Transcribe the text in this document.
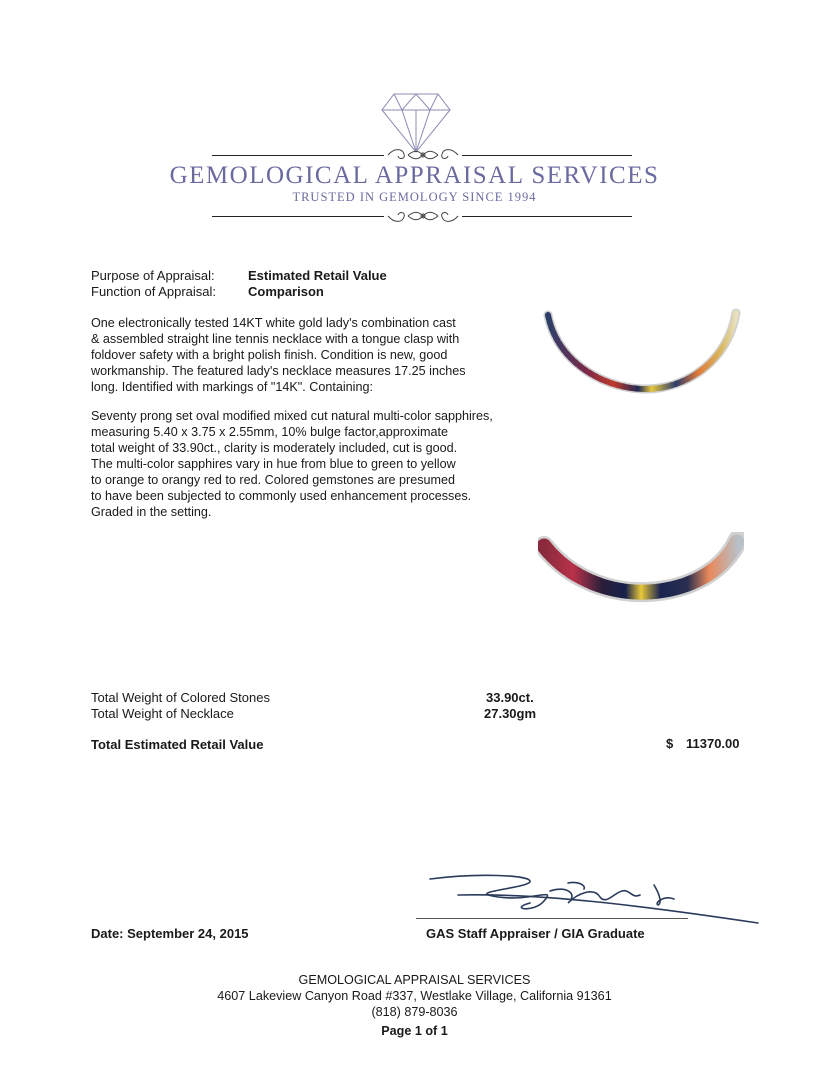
GEMOLOGICAL APPRAISAL SERVICES
TRUSTED IN GEMOLOGY SINCE 1994
Purpose of Appraisal:	Estimated Retail Value
Function of Appraisal: Comparison
One electronically tested 14KT white gold lady's combination cast
& assembled straight line tennis necklace with a tongue clasp with
foldover safety with a bright polish finish. Condition is new, good
workmanship. The featured lady's necklace measures 17.25 inches
long. Identified with markings of "14K". Containing:
Seventy prong set oval modified mixed cut natural multi-color sapphires,
measuring 5.40 x 3.75 x 2.55mm, 10% bulge factor,approximate
total weight of 33.90ct., clarity is moderately included, cut is good.
The multi-color sapphires vary in hue from blue to green to yellow
to orange to orangy red to red. Colored gemstones are presumed
to have been subjected to commonly used enhancement processes.
Graded in the setting.
Total Weight of Colored Stones	33.90ct.
Total Weight of Necklace	27.30gm
Total Estimated Retail Value	$ 11370.00
Date: September 24, 2015	GAS Staff Appraiser / GIA Graduate
GEMOLOGICAL APPRAISAL SERVICES
4607 Lakeview Canyon Road #337, Westlake Village, California 91361
(818) 879-8036
Page 1 of 1
